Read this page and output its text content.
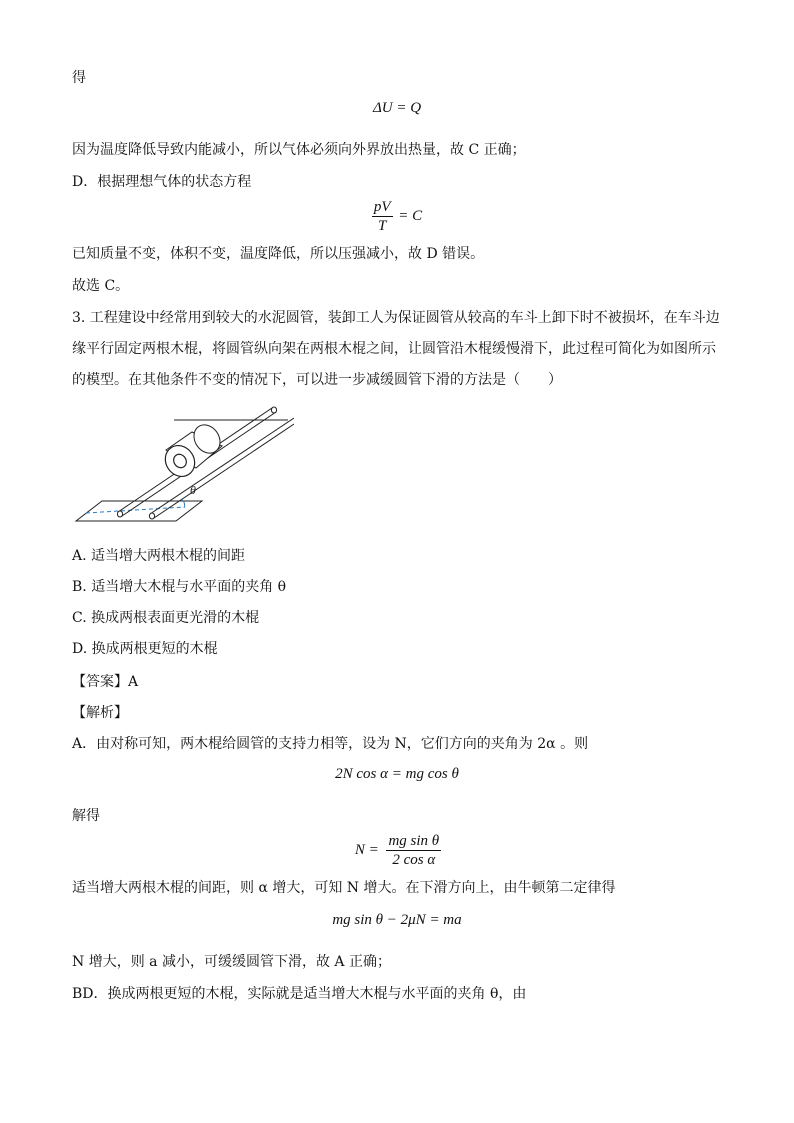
得
ΔU = Q
因为温度降低导致内能减小，所以气体必须向外界放出热量，故 C 正确；
D．根据理想气体的状态方程
$\frac{pV}{T} = C$
已知质量不变，体积不变，温度降低，所以压强减小，故 D 错误。
故选 C。
3. 工程建设中经常用到较大的水泥圆管，装卸工人为保证圆管从较高的车斗上卸下时不被损坏，在车斗边
缘平行固定两根木棍，将圆管纵向架在两根木棍之间，让圆管沿木棍缓慢滑下，此过程可简化为如图所示
的模型。在其他条件不变的情况下，可以进一步减缓圆管下滑的方法是（　　）
θ
A. 适当增大两根木棍的间距
B. 适当增大木棍与水平面的夹角 θ
C. 换成两根表面更光滑的木棍
D. 换成两根更短的木棍
【答案】A
【解析】
A．由对称可知，两木棍给圆管的支持力相等，设为 N，它们方向的夹角为 2α 。则
2N cos α = mg cos θ
解得
$N = \frac{\text{mg sin θ}}{\text{2 cos α}}$
适当增大两根木棍的间距，则 α 增大，可知 N 增大。在下滑方向上，由牛顿第二定律得
mg sin θ − 2μN = ma
N 增大，则 a 减小，可缓缓圆管下滑，故 A 正确；
BD．换成两根更短的木棍，实际就是适当增大木棍与水平面的夹角 θ，由
